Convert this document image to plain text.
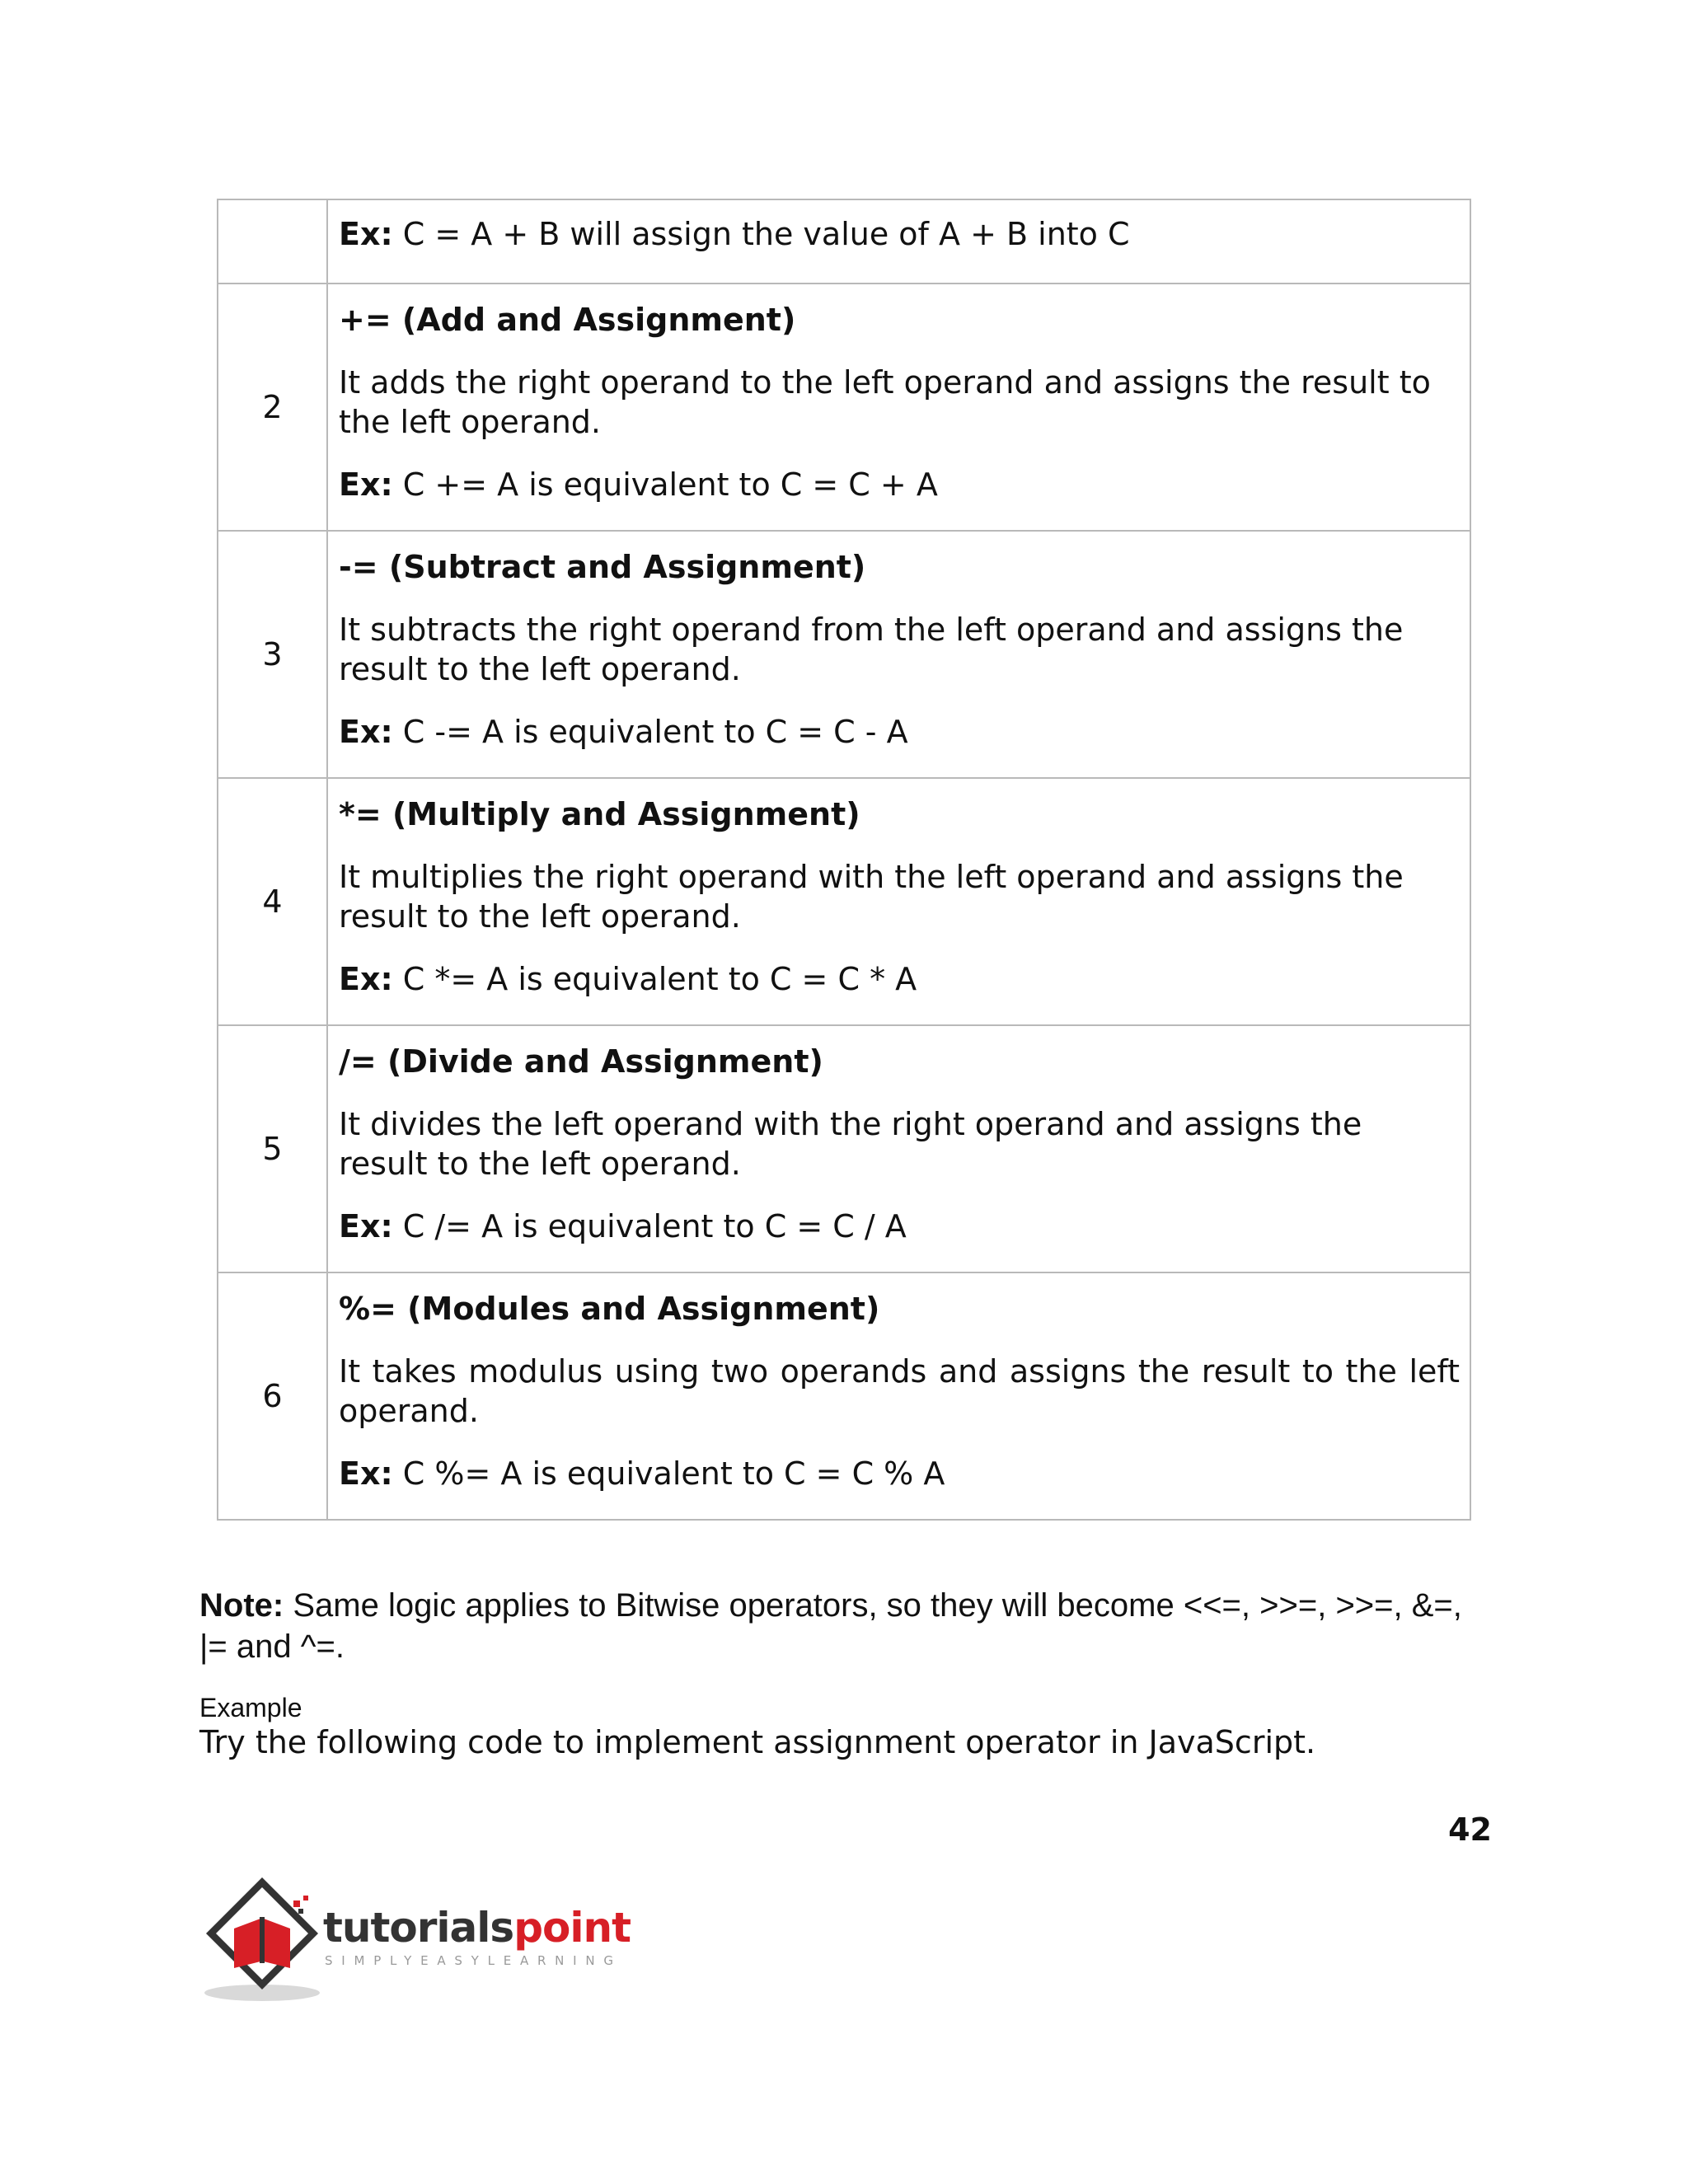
	Ex: C = A + B will assign the value of A + B into C

2	+= (Add and Assignment)

It adds the right operand to the left operand and assigns the result to the left operand.

Ex: C += A is equivalent to C = C + A

3	-= (Subtract and Assignment)

It subtracts the right operand from the left operand and assigns the result to the left operand.

Ex: C -= A is equivalent to C = C - A

4	*= (Multiply and Assignment)

It multiplies the right operand with the left operand and assigns the result to the left operand.

Ex: C *= A is equivalent to C = C * A

5	/= (Divide and Assignment)

It divides the left operand with the right operand and assigns the result to the left operand.

Ex: C /= A is equivalent to C = C / A

6	%= (Modules and Assignment)

It takes modulus using two operands and assigns the result to the left operand.

Ex: C %= A is equivalent to C = C % A

Note: Same logic applies to Bitwise operators, so they will become <<=, >>=, >>=, &=, |= and ^=.

Example

Try the following code to implement assignment operator in JavaScript.

42

tutorialspoint
SIMPLYEASYLEARNING
